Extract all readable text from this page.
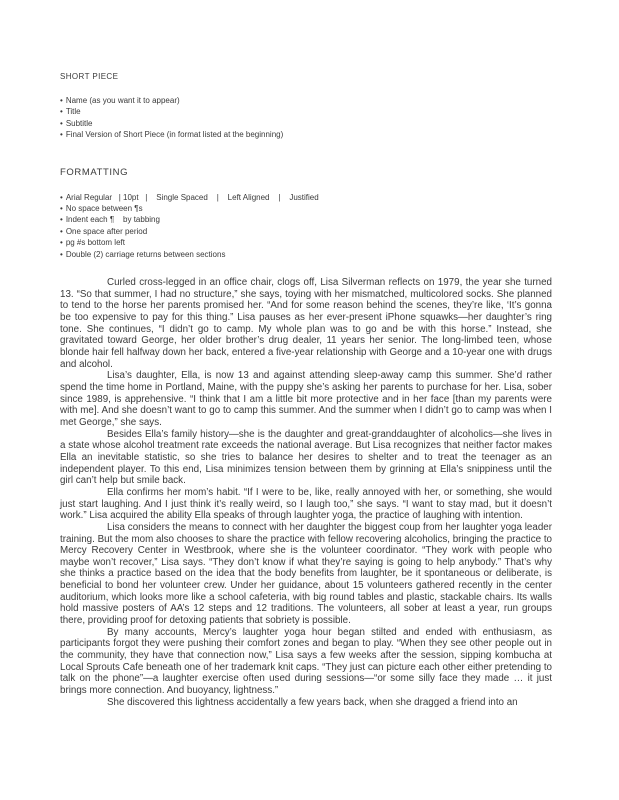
SHORT PIECE
• Name (as you want it to appear)
• Title
• Subtitle
• Final Version of Short Piece (in format listed at the beginning)
FORMATTING
• Arial Regular   | 10pt   |    Single Spaced    |    Left Aligned    |    Justified
• No space between ¶s
• Indent each ¶    by tabbing
• One space after period
• pg #s bottom left
• Double (2) carriage returns between sections

Curled cross-legged in an office chair, clogs off, Lisa Silverman reflects on 1979, the year she turned 13. “So that summer, I had no structure,” she says, toying with her mismatched, multicolored socks. She planned to tend to the horse her parents promised her. “And for some reason behind the scenes, they’re like, ‘It’s gonna be too expensive to pay for this thing.” Lisa pauses as her ever-present iPhone squawks—her daughter’s ring tone. She continues, “I didn’t go to camp. My whole plan was to go and be with this horse.” Instead, she gravitated toward George, her older brother’s drug dealer, 11 years her senior. The long-limbed teen, whose blonde hair fell halfway down her back, entered a five-year relationship with George and a 10-year one with drugs and alcohol.

Lisa’s daughter, Ella, is now 13 and against attending sleep-away camp this summer. She’d rather spend the time home in Portland, Maine, with the puppy she’s asking her parents to purchase for her. Lisa, sober since 1989, is apprehensive. “I think that I am a little bit more protective and in her face [than my parents were with me]. And she doesn’t want to go to camp this summer. And the summer when I didn’t go to camp was when I met George,” she says.

Besides Ella’s family history—she is the daughter and great-granddaughter of alcoholics—she lives in a state whose alcohol treatment rate exceeds the national average. But Lisa recognizes that neither factor makes Ella an inevitable statistic, so she tries to balance her desires to shelter and to treat the teenager as an independent player. To this end, Lisa minimizes tension between them by grinning at Ella’s snippiness until the girl can’t help but smile back.

Ella confirms her mom’s habit. “If I were to be, like, really annoyed with her, or something, she would just start laughing. And I just think it’s really weird, so I laugh too,” she says. “I want to stay mad, but it doesn’t work.” Lisa acquired the ability Ella speaks of through laughter yoga, the practice of laughing with intention.

Lisa considers the means to connect with her daughter the biggest coup from her laughter yoga leader training. But the mom also chooses to share the practice with fellow recovering alcoholics, bringing the practice to Mercy Recovery Center in Westbrook, where she is the volunteer coordinator. “They work with people who maybe won’t recover,” Lisa says. “They don’t know if what they’re saying is going to help anybody.” That’s why she thinks a practice based on the idea that the body benefits from laughter, be it spontaneous or deliberate, is beneficial to bond her volunteer crew. Under her guidance, about 15 volunteers gathered recently in the center auditorium, which looks more like a school cafeteria, with big round tables and plastic, stackable chairs. Its walls hold massive posters of AA’s 12 steps and 12 traditions. The volunteers, all sober at least a year, run groups there, providing proof for detoxing patients that sobriety is possible.

By many accounts, Mercy’s laughter yoga hour began stilted and ended with enthusiasm, as participants forgot they were pushing their comfort zones and began to play. “When they see other people out in the community, they have that connection now,” Lisa says a few weeks after the session, sipping kombucha at Local Sprouts Cafe beneath one of her trademark knit caps. “They just can picture each other either pretending to talk on the phone”—a laughter exercise often used during sessions—“or some silly face they made … it just brings more connection. And buoyancy, lightness.”

She discovered this lightness accidentally a few years back, when she dragged a friend into an
